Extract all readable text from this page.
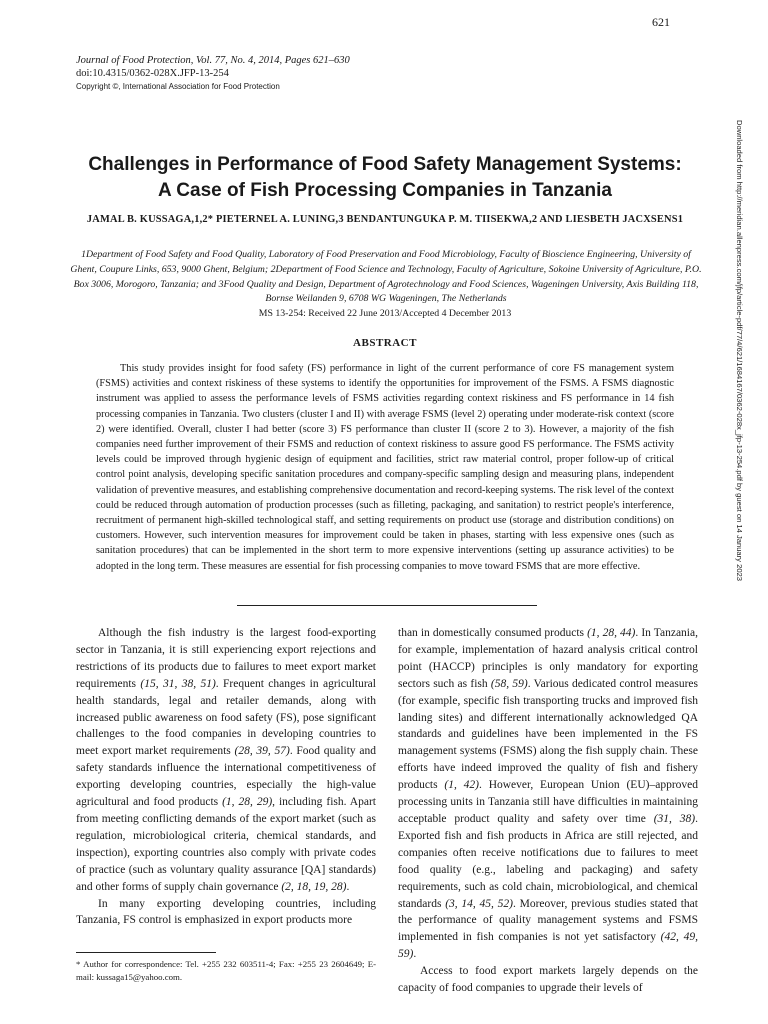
621
Journal of Food Protection, Vol. 77, No. 4, 2014, Pages 621–630
doi:10.4315/0362-028X.JFP-13-254
Copyright ©, International Association for Food Protection
Challenges in Performance of Food Safety Management Systems:
A Case of Fish Processing Companies in Tanzania
JAMAL B. KUSSAGA,1,2* PIETERNEL A. LUNING,3 BENDANTUNGUKA P. M. TIISEKWA,2 AND LIESBETH JACXSENS1
1Department of Food Safety and Food Quality, Laboratory of Food Preservation and Food Microbiology, Faculty of Bioscience Engineering, University of Ghent, Coupure Links, 653, 9000 Ghent, Belgium; 2Department of Food Science and Technology, Faculty of Agriculture, Sokoine University of Agriculture, P.O. Box 3006, Morogoro, Tanzania; and 3Food Quality and Design, Department of Agrotechnology and Food Sciences, Wageningen University, Axis Building 118, Bornse Weilanden 9, 6708 WG Wageningen, The Netherlands
MS 13-254: Received 22 June 2013/Accepted 4 December 2013
ABSTRACT

This study provides insight for food safety (FS) performance in light of the current performance of core FS management system (FSMS) activities and context riskiness of these systems to identify the opportunities for improvement of the FSMS. A FSMS diagnostic instrument was applied to assess the performance levels of FSMS activities regarding context riskiness and FS performance in 14 fish processing companies in Tanzania. Two clusters (cluster I and II) with average FSMS (level 2) operating under moderate-risk context (score 2) were identified. Overall, cluster I had better (score 3) FS performance than cluster II (score 2 to 3). However, a majority of the fish companies need further improvement of their FSMS and reduction of context riskiness to assure good FS performance. The FSMS activity levels could be improved through hygienic design of equipment and facilities, strict raw material control, proper follow-up of critical control point analysis, developing specific sanitation procedures and company-specific sampling design and measuring plans, independent validation of preventive measures, and establishing comprehensive documentation and record-keeping systems. The risk level of the context could be reduced through automation of production processes (such as filleting, packaging, and sanitation) to restrict people's interference, recruitment of permanent high-skilled technological staff, and setting requirements on product use (storage and distribution conditions) on customers. However, such intervention measures for improvement could be taken in phases, starting with less expensive ones (such as sanitation procedures) that can be implemented in the short term to more expensive interventions (setting up assurance activities) to be adopted in the long term. These measures are essential for fish processing companies to move toward FSMS that are more effective.

Although the fish industry is the largest food-exporting sector in Tanzania, it is still experiencing export rejections and restrictions of its products due to failures to meet export market requirements (15, 31, 38, 51). Frequent changes in agricultural health standards, legal and retailer demands, along with increased public awareness on food safety (FS), pose significant challenges to the food companies in developing countries to meet export market requirements (28, 39, 57). Food quality and safety standards influence the international competitiveness of exporting developing countries, especially the high-value agricultural and food products (1, 28, 29), including fish. Apart from meeting conflicting demands of the export market (such as regulation, microbiological criteria, chemical standards, and inspection), exporting countries also comply with private codes of practice (such as voluntary quality assurance [QA] standards) and other forms of supply chain governance (2, 18, 19, 28).

In many exporting developing countries, including Tanzania, FS control is emphasized in export products more

than in domestically consumed products (1, 28, 44). In Tanzania, for example, implementation of hazard analysis critical control point (HACCP) principles is only mandatory for exporting sectors such as fish (58, 59). Various dedicated control measures (for example, specific fish transporting trucks and improved fish landing sites) and different internationally acknowledged QA standards and guidelines have been implemented in the FS management systems (FSMS) along the fish supply chain. These efforts have indeed improved the quality of fish and fishery products (1, 42). However, European Union (EU)–approved processing units in Tanzania still have difficulties in maintaining acceptable product quality and safety over time (31, 38). Exported fish and fish products in Africa are still rejected, and companies often receive notifications due to failures to meet food quality (e.g., labeling and packaging) and safety requirements, such as cold chain, microbiological, and chemical standards (3, 14, 45, 52). Moreover, previous studies stated that the performance of quality management systems and FSMS implemented in fish companies is not yet satisfactory (42, 49, 59).

Access to food export markets largely depends on the capacity of food companies to upgrade their levels of

* Author for correspondence: Tel. +255 232 603511-4; Fax: +255 23 2604649; E-mail: kussaga15@yahoo.com.
Downloaded from http://meridian.allenpress.com/jfp/article-pdf/77/4/621/1684167/0362-028x_jfp-13-254.pdf by guest on 14 January 2023
